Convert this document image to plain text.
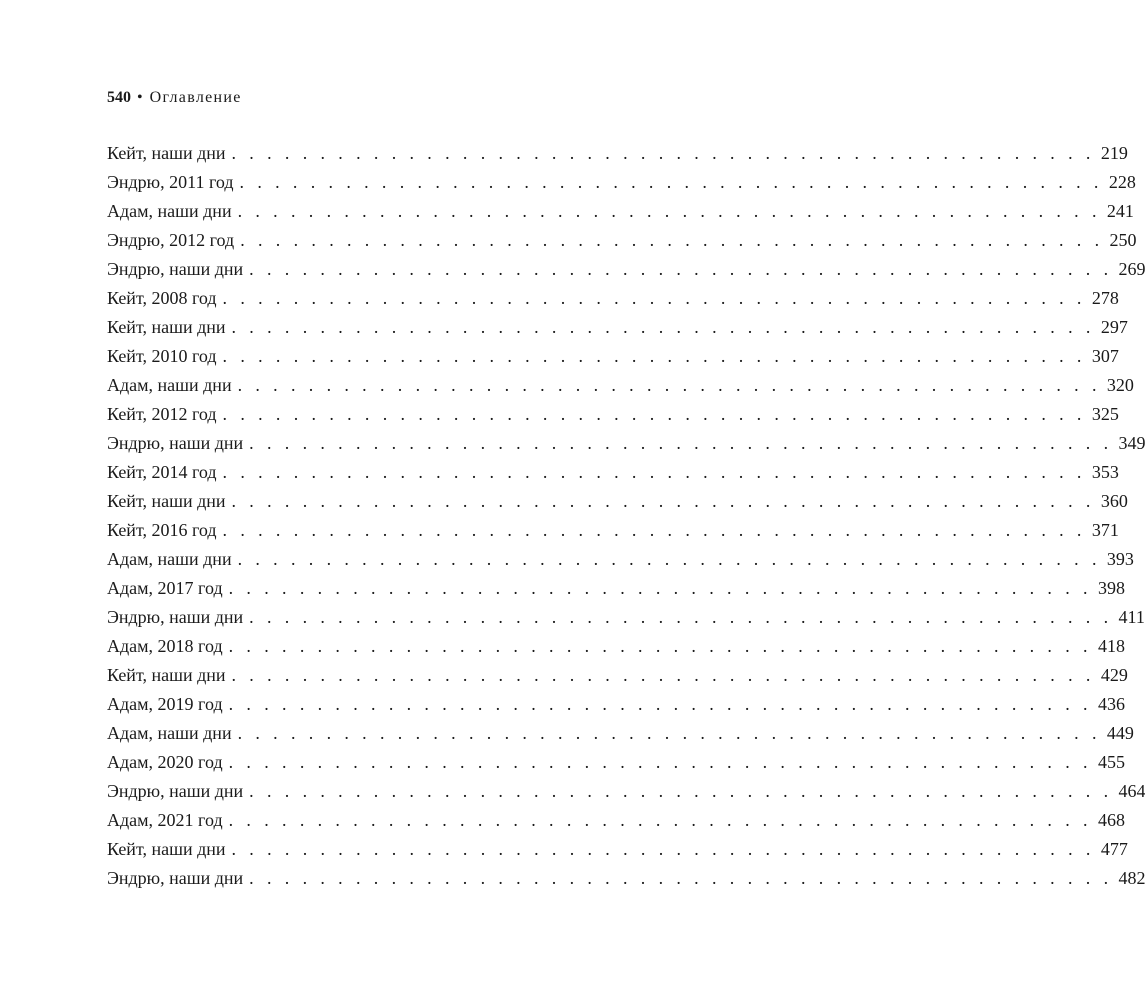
540 • Оглавление
Кейт, наши дни . . . . . . . . . . . . . . . . . . . . . . . . . . . . . . . . . . . . . . . . . . . . . . . . . 219
Эндрю, 2011 год . . . . . . . . . . . . . . . . . . . . . . . . . . . . . . . . . . . . . . . . . . . . . . . . . 228
Адам, наши дни . . . . . . . . . . . . . . . . . . . . . . . . . . . . . . . . . . . . . . . . . . . . . . . . . 241
Эндрю, 2012 год . . . . . . . . . . . . . . . . . . . . . . . . . . . . . . . . . . . . . . . . . . . . . . . . . 250
Эндрю, наши дни . . . . . . . . . . . . . . . . . . . . . . . . . . . . . . . . . . . . . . . . . . . . . . . . . 269
Кейт, 2008 год . . . . . . . . . . . . . . . . . . . . . . . . . . . . . . . . . . . . . . . . . . . . . . . . . 278
Кейт, наши дни . . . . . . . . . . . . . . . . . . . . . . . . . . . . . . . . . . . . . . . . . . . . . . . . . 297
Кейт, 2010 год . . . . . . . . . . . . . . . . . . . . . . . . . . . . . . . . . . . . . . . . . . . . . . . . . 307
Адам, наши дни . . . . . . . . . . . . . . . . . . . . . . . . . . . . . . . . . . . . . . . . . . . . . . . . . 320
Кейт, 2012 год . . . . . . . . . . . . . . . . . . . . . . . . . . . . . . . . . . . . . . . . . . . . . . . . . 325
Эндрю, наши дни . . . . . . . . . . . . . . . . . . . . . . . . . . . . . . . . . . . . . . . . . . . . . . . . . 349
Кейт, 2014 год . . . . . . . . . . . . . . . . . . . . . . . . . . . . . . . . . . . . . . . . . . . . . . . . . 353
Кейт, наши дни . . . . . . . . . . . . . . . . . . . . . . . . . . . . . . . . . . . . . . . . . . . . . . . . . 360
Кейт, 2016 год . . . . . . . . . . . . . . . . . . . . . . . . . . . . . . . . . . . . . . . . . . . . . . . . . 371
Адам, наши дни . . . . . . . . . . . . . . . . . . . . . . . . . . . . . . . . . . . . . . . . . . . . . . . . . 393
Адам, 2017 год . . . . . . . . . . . . . . . . . . . . . . . . . . . . . . . . . . . . . . . . . . . . . . . . . 398
Эндрю, наши дни . . . . . . . . . . . . . . . . . . . . . . . . . . . . . . . . . . . . . . . . . . . . . . . . . 411
Адам, 2018 год . . . . . . . . . . . . . . . . . . . . . . . . . . . . . . . . . . . . . . . . . . . . . . . . . 418
Кейт, наши дни . . . . . . . . . . . . . . . . . . . . . . . . . . . . . . . . . . . . . . . . . . . . . . . . . 429
Адам, 2019 год . . . . . . . . . . . . . . . . . . . . . . . . . . . . . . . . . . . . . . . . . . . . . . . . . 436
Адам, наши дни . . . . . . . . . . . . . . . . . . . . . . . . . . . . . . . . . . . . . . . . . . . . . . . . . 449
Адам, 2020 год . . . . . . . . . . . . . . . . . . . . . . . . . . . . . . . . . . . . . . . . . . . . . . . . . 455
Эндрю, наши дни . . . . . . . . . . . . . . . . . . . . . . . . . . . . . . . . . . . . . . . . . . . . . . . . . 464
Адам, 2021 год . . . . . . . . . . . . . . . . . . . . . . . . . . . . . . . . . . . . . . . . . . . . . . . . . 468
Кейт, наши дни . . . . . . . . . . . . . . . . . . . . . . . . . . . . . . . . . . . . . . . . . . . . . . . . . 477
Эндрю, наши дни . . . . . . . . . . . . . . . . . . . . . . . . . . . . . . . . . . . . . . . . . . . . . . . . . 482
